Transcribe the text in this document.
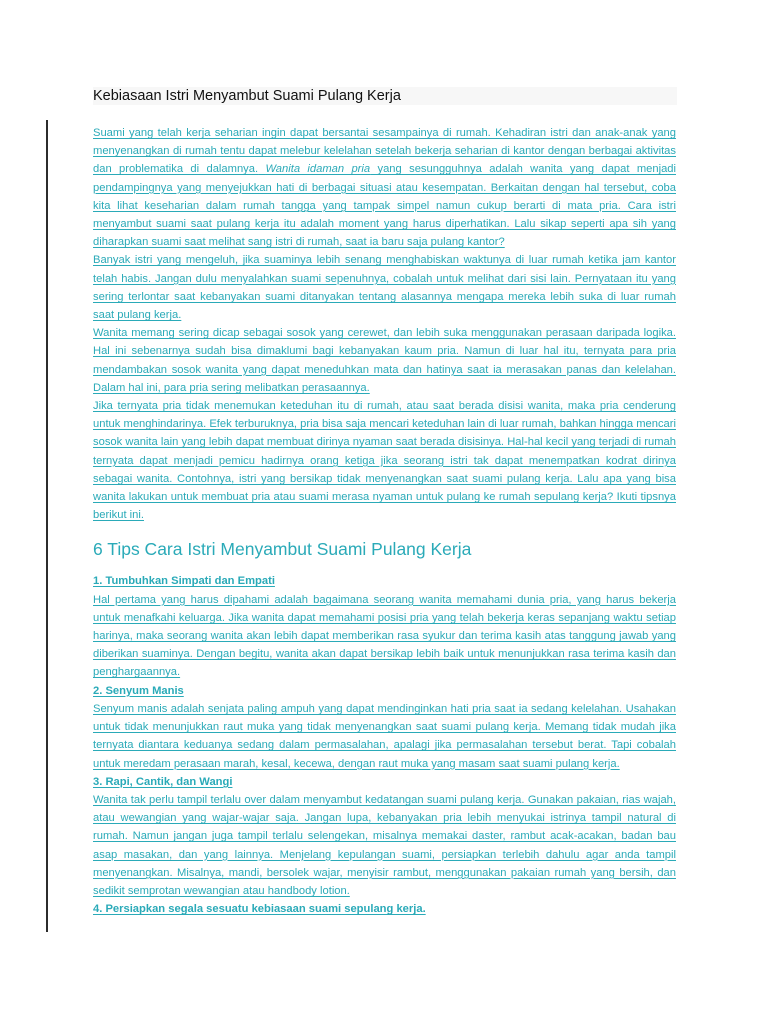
Kebiasaan Istri Menyambut Suami Pulang Kerja

Suami yang telah kerja seharian ingin dapat bersantai sesampainya di rumah. Kehadiran istri dan anak-anak yang menyenangkan di rumah tentu dapat melebur kelelahan setelah bekerja seharian di kantor dengan berbagai aktivitas dan problematika di dalamnya. Wanita idaman pria yang sesungguhnya adalah wanita yang dapat menjadi pendampingnya yang menyejukkan hati di berbagai situasi atau kesempatan. Berkaitan dengan hal tersebut, coba kita lihat keseharian dalam rumah tangga yang tampak simpel namun cukup berarti di mata pria. Cara istri menyambut suami saat pulang kerja itu adalah moment yang harus diperhatikan. Lalu sikap seperti apa sih yang diharapkan suami saat melihat sang istri di rumah, saat ia baru saja pulang kantor?

Banyak istri yang mengeluh, jika suaminya lebih senang menghabiskan waktunya di luar rumah ketika jam kantor telah habis. Jangan dulu menyalahkan suami sepenuhnya, cobalah untuk melihat dari sisi lain. Pernyataan itu yang sering terlontar saat kebanyakan suami ditanyakan tentang alasannya mengapa mereka lebih suka di luar rumah saat pulang kerja.

Wanita memang sering dicap sebagai sosok yang cerewet, dan lebih suka menggunakan perasaan daripada logika. Hal ini sebenarnya sudah bisa dimaklumi bagi kebanyakan kaum pria. Namun di luar hal itu, ternyata para pria mendambakan sosok wanita yang dapat meneduhkan mata dan hatinya saat ia merasakan panas dan kelelahan. Dalam hal ini, para pria sering melibatkan perasaannya.

Jika ternyata pria tidak menemukan keteduhan itu di rumah, atau saat berada disisi wanita, maka pria cenderung untuk menghindarinya. Efek terburuknya, pria bisa saja mencari keteduhan lain di luar rumah, bahkan hingga mencari sosok wanita lain yang lebih dapat membuat dirinya nyaman saat berada disisinya. Hal-hal kecil yang terjadi di rumah ternyata dapat menjadi pemicu hadirnya orang ketiga jika seorang istri tak dapat menempatkan kodrat dirinya sebagai wanita. Contohnya, istri yang bersikap tidak menyenangkan saat suami pulang kerja. Lalu apa yang bisa wanita lakukan untuk membuat pria atau suami merasa nyaman untuk pulang ke rumah sepulang kerja? Ikuti tipsnya berikut ini.

6 Tips Cara Istri Menyambut Suami Pulang Kerja

1. Tumbuhkan Simpati dan Empati

Hal pertama yang harus dipahami adalah bagaimana seorang wanita memahami dunia pria, yang harus bekerja untuk menafkahi keluarga. Jika wanita dapat memahami posisi pria yang telah bekerja keras sepanjang waktu setiap harinya, maka seorang wanita akan lebih dapat memberikan rasa syukur dan terima kasih atas tanggung jawab yang diberikan suaminya. Dengan begitu, wanita akan dapat bersikap lebih baik untuk menunjukkan rasa terima kasih dan penghargaannya.

2. Senyum Manis

Senyum manis adalah senjata paling ampuh yang dapat mendinginkan hati pria saat ia sedang kelelahan. Usahakan untuk tidak menunjukkan raut muka yang tidak menyenangkan saat suami pulang kerja. Memang tidak mudah jika ternyata diantara keduanya sedang dalam permasalahan, apalagi jika permasalahan tersebut berat. Tapi cobalah untuk meredam perasaan marah, kesal, kecewa, dengan raut muka yang masam saat suami pulang kerja.

3. Rapi, Cantik, dan Wangi

Wanita tak perlu tampil terlalu over dalam menyambut kedatangan suami pulang kerja. Gunakan pakaian, rias wajah, atau wewangian yang wajar-wajar saja. Jangan lupa, kebanyakan pria lebih menyukai istrinya tampil natural di rumah. Namun jangan juga tampil terlalu selengekan, misalnya memakai daster, rambut acak-acakan, badan bau asap masakan, dan yang lainnya. Menjelang kepulangan suami, persiapkan terlebih dahulu agar anda tampil menyenangkan. Misalnya, mandi, bersolek wajar, menyisir rambut, menggunakan pakaian rumah yang bersih, dan sedikit semprotan wewangian atau handbody lotion.

4. Persiapkan segala sesuatu kebiasaan suami sepulang kerja.
